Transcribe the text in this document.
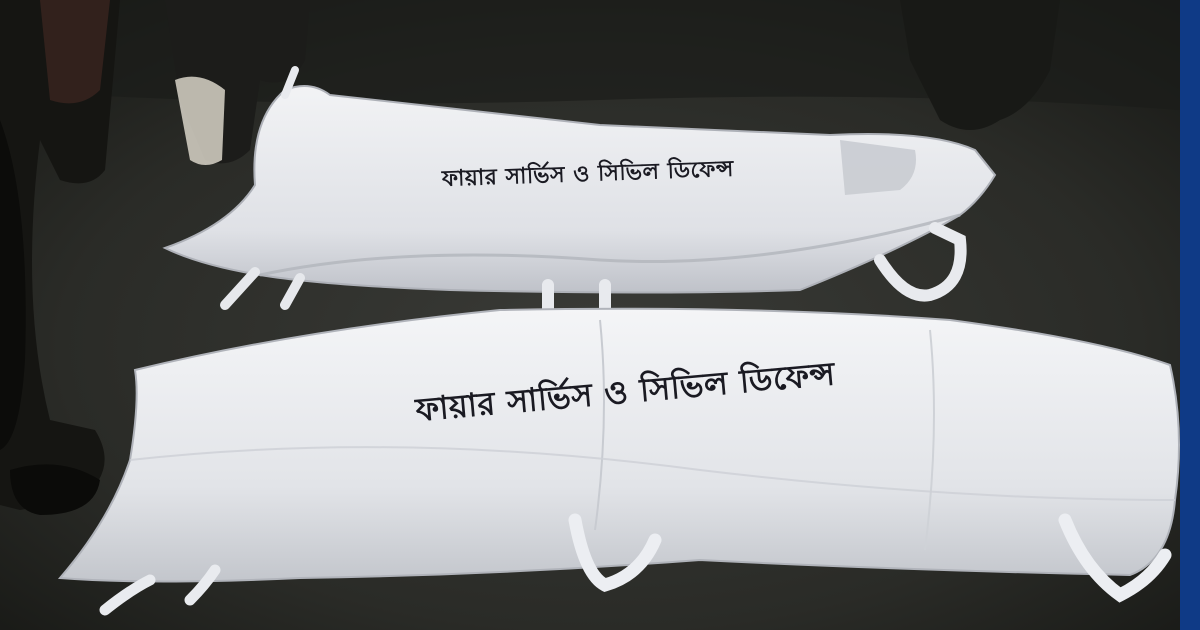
ফায়ার সার্ভিস ও সিভিল ডিফেন্স
ফায়ার সার্ভিস ও সিভিল ডিফেন্স
